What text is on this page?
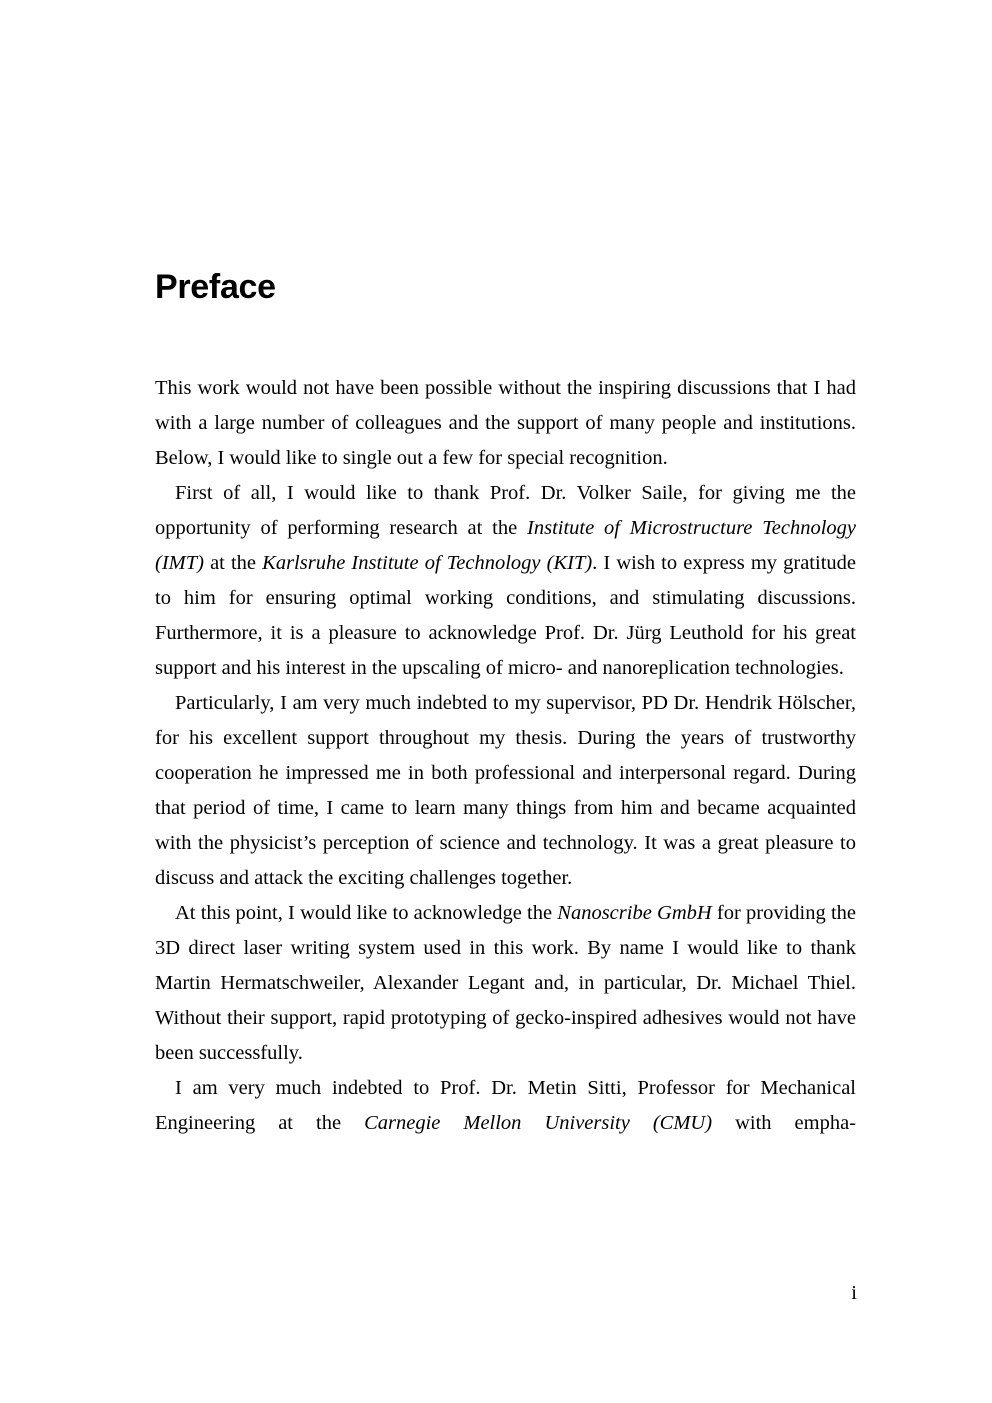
Preface

This work would not have been possible without the inspiring discussions that I had with a large number of colleagues and the support of many people and institutions. Below, I would like to single out a few for special recognition.

First of all, I would like to thank Prof. Dr. Volker Saile, for giving me the opportunity of performing research at the Institute of Microstructure Technology (IMT) at the Karlsruhe Institute of Technology (KIT). I wish to express my gratitude to him for ensuring optimal working conditions, and stimulating discussions. Furthermore, it is a pleasure to acknowledge Prof. Dr. Jürg Leuthold for his great support and his interest in the upscaling of micro- and nanoreplication technologies.

Particularly, I am very much indebted to my supervisor, PD Dr. Hendrik Hölscher, for his excellent support throughout my thesis. During the years of trustworthy cooperation he impressed me in both professional and interpersonal regard. During that period of time, I came to learn many things from him and became acquainted with the physicist’s perception of science and technology. It was a great pleasure to discuss and attack the exciting challenges together.

At this point, I would like to acknowledge the Nanoscribe GmbH for providing the 3D direct laser writing system used in this work. By name I would like to thank Martin Hermatschweiler, Alexander Legant and, in particular, Dr. Michael Thiel. Without their support, rapid prototyping of gecko-inspired adhesives would not have been successfully.

I am very much indebted to Prof. Dr. Metin Sitti, Professor for Mechanical Engineering at the Carnegie Mellon University (CMU) with empha-

i
